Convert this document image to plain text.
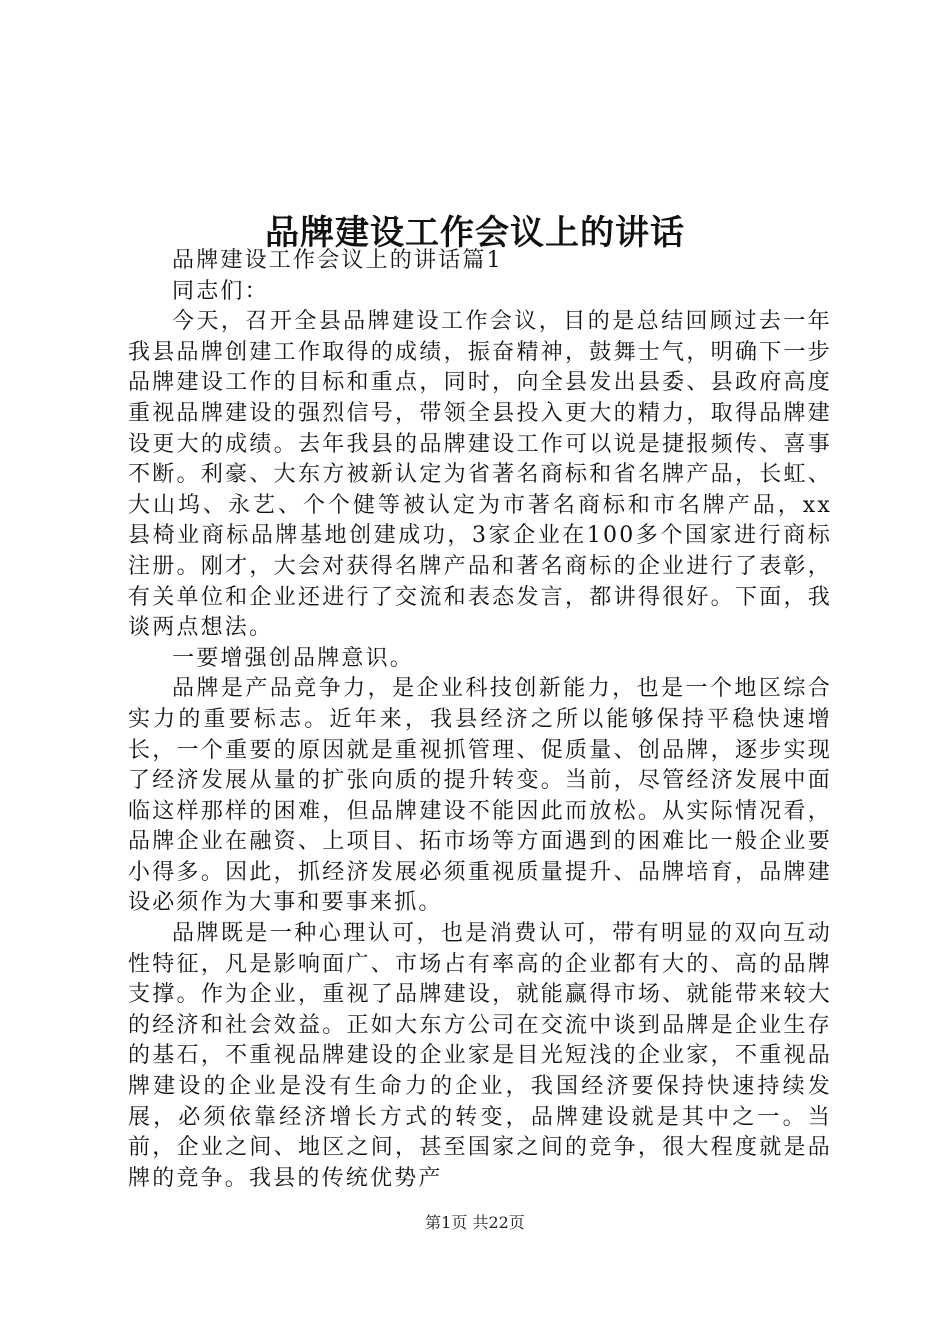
品牌建设工作会议上的讲话

品牌建设工作会议上的讲话篇1

同志们：

今天，召开全县品牌建设工作会议，目的是总结回顾过去一年我县品牌创建工作取得的成绩，振奋精神，鼓舞士气，明确下一步品牌建设工作的目标和重点，同时，向全县发出县委、县政府高度重视品牌建设的强烈信号，带领全县投入更大的精力，取得品牌建设更大的成绩。去年我县的品牌建设工作可以说是捷报频传、喜事不断。利豪、大东方被新认定为省著名商标和省名牌产品，长虹、大山坞、永艺、个个健等被认定为市著名商标和市名牌产品，xx县椅业商标品牌基地创建成功，3家企业在100多个国家进行商标注册。刚才，大会对获得名牌产品和著名商标的企业进行了表彰，有关单位和企业还进行了交流和表态发言，都讲得很好。下面，我谈两点想法。

一要增强创品牌意识。

品牌是产品竞争力，是企业科技创新能力，也是一个地区综合实力的重要标志。近年来，我县经济之所以能够保持平稳快速增长，一个重要的原因就是重视抓管理、促质量、创品牌，逐步实现了经济发展从量的扩张向质的提升转变。当前，尽管经济发展中面临这样那样的困难，但品牌建设不能因此而放松。从实际情况看，品牌企业在融资、上项目、拓市场等方面遇到的困难比一般企业要小得多。因此，抓经济发展必须重视质量提升、品牌培育，品牌建设必须作为大事和要事来抓。

品牌既是一种心理认可，也是消费认可，带有明显的双向互动性特征，凡是影响面广、市场占有率高的企业都有大的、高的品牌支撑。作为企业，重视了品牌建设，就能赢得市场、就能带来较大的经济和社会效益。正如大东方公司在交流中谈到品牌是企业生存的基石，不重视品牌建设的企业家是目光短浅的企业家，不重视品牌建设的企业是没有生命力的企业，我国经济要保持快速持续发展，必须依靠经济增长方式的转变，品牌建设就是其中之一。当前，企业之间、地区之间，甚至国家之间的竞争，很大程度就是品牌的竞争。我县的传统优势产

第1页 共22页
